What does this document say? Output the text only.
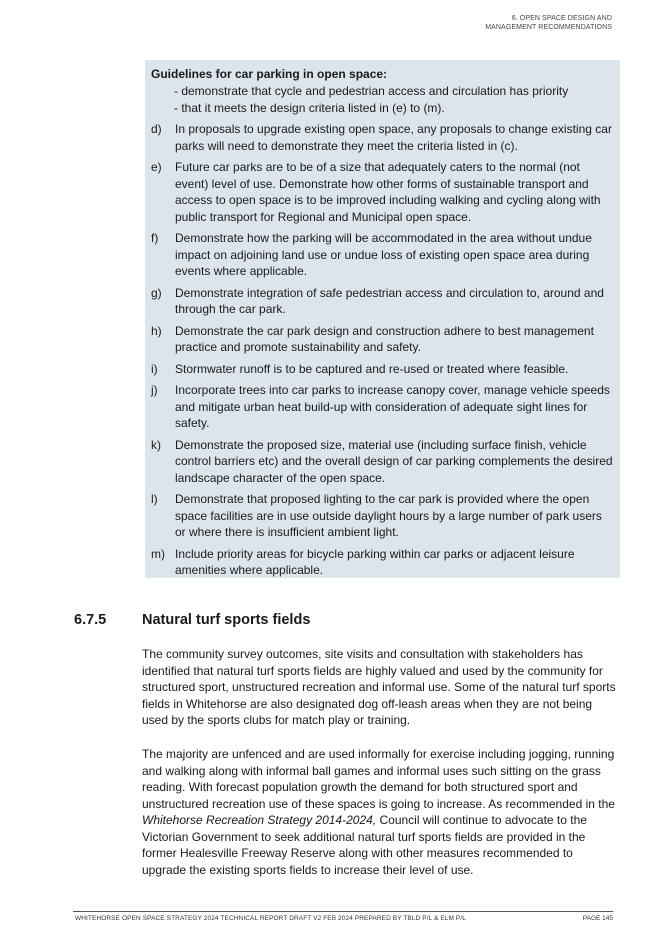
6. OPEN SPACE DESIGN AND
MANAGEMENT RECOMMENDATIONS

Guidelines for car parking in open space:

- demonstrate that cycle and pedestrian access and circulation has priority

- that it meets the design criteria listed in (e) to (m).

d)	In proposals to upgrade existing open space, any proposals to change existing car parks will need to demonstrate they meet the criteria listed in (c).
e)	Future car parks are to be of a size that adequately caters to the normal (not event) level of use. Demonstrate how other forms of sustainable transport and access to open space is to be improved including walking and cycling along with public transport for Regional and Municipal open space.
f)	Demonstrate how the parking will be accommodated in the area without undue impact on adjoining land use or undue loss of existing open space area during events where applicable.
g)	Demonstrate integration of safe pedestrian access and circulation to, around and through the car park.
h)	Demonstrate the car park design and construction adhere to best management practice and promote sustainability and safety.
i)	Stormwater runoff is to be captured and re-used or treated where feasible.
j)	Incorporate trees into car parks to increase canopy cover, manage vehicle speeds and mitigate urban heat build-up with consideration of adequate sight lines for safety.
k)	Demonstrate the proposed size, material use (including surface finish, vehicle control barriers etc) and the overall design of car parking complements the desired landscape character of the open space.
l)	Demonstrate that proposed lighting to the car park is provided where the open space facilities are in use outside daylight hours by a large number of park users or where there is insufficient ambient light.
m) Include priority areas for bicycle parking within car parks or adjacent leisure amenities where applicable.
6.7.5	Natural turf sports fields

The community survey outcomes, site visits and consultation with stakeholders has identified that natural turf sports fields are highly valued and used by the community for structured sport, unstructured recreation and informal use. Some of the natural turf sports fields in Whitehorse are also designated dog off-leash areas when they are not being used by the sports clubs for match play or training.

The majority are unfenced and are used informally for exercise including jogging, running and walking along with informal ball games and informal uses such sitting on the grass reading. With forecast population growth the demand for both structured sport and unstructured recreation use of these spaces is going to increase. As recommended in the Whitehorse Recreation Strategy 2014-2024, Council will continue to advocate to the Victorian Government to seek additional natural turf sports fields are provided in the former Healesville Freeway Reserve along with other measures recommended to upgrade the existing sports fields to increase their level of use.

WHITEHORSE OPEN SPACE STRATEGY 2024 TECHNICAL REPORT DRAFT V2 FEB 2024 PREPARED BY TBLD P/L & ELM P/L	PAGE 145
